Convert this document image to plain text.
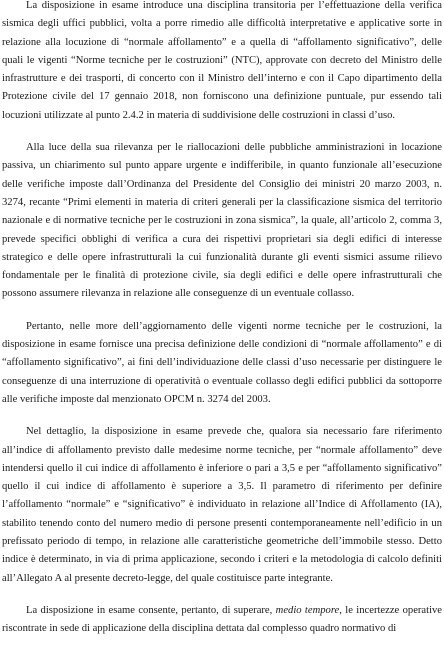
La disposizione in esame introduce una disciplina transitoria per l’effettuazione della verifica sismica degli uffici pubblici, volta a porre rimedio alle difficoltà interpretative e applicative sorte in relazione alla locuzione di “normale affollamento” e a quella di “affollamento significativo”, delle quali le vigenti “Norme tecniche per le costruzioni” (NTC), approvate con decreto del Ministro delle infrastrutture e dei trasporti, di concerto con il Ministro dell’interno e con il Capo dipartimento della Protezione civile del 17 gennaio 2018, non forniscono una definizione puntuale, pur essendo tali locuzioni utilizzate al punto 2.4.2 in materia di suddivisione delle costruzioni in classi d’uso.

Alla luce della sua rilevanza per le riallocazioni delle pubbliche amministrazioni in locazione passiva, un chiarimento sul punto appare urgente e indifferibile, in quanto funzionale all’esecuzione delle verifiche imposte dall’Ordinanza del Presidente del Consiglio dei ministri 20 marzo 2003, n. 3274, recante “Primi elementi in materia di criteri generali per la classificazione sismica del territorio nazionale e di normative tecniche per le costruzioni in zona sismica”, la quale, all’articolo 2, comma 3, prevede specifici obblighi di verifica a cura dei rispettivi proprietari sia degli edifici di interesse strategico e delle opere infrastrutturali la cui funzionalità durante gli eventi sismici assume rilievo fondamentale per le finalità di protezione civile, sia degli edifici e delle opere infrastrutturali che possono assumere rilevanza in relazione alle conseguenze di un eventuale collasso.

Pertanto, nelle more dell’aggiornamento delle vigenti norme tecniche per le costruzioni, la disposizione in esame fornisce una precisa definizione delle condizioni di “normale affollamento” e di “affollamento significativo”, ai fini dell’individuazione delle classi d’uso necessarie per distinguere le conseguenze di una interruzione di operatività o eventuale collasso degli edifici pubblici da sottoporre alle verifiche imposte dal menzionato OPCM n. 3274 del 2003.

Nel dettaglio, la disposizione in esame prevede che, qualora sia necessario fare riferimento all’indice di affollamento previsto dalle medesime norme tecniche, per “normale affollamento” deve intendersi quello il cui indice di affollamento è inferiore o pari a 3,5 e per “affollamento significativo” quello il cui indice di affollamento è superiore a 3,5. Il parametro di riferimento per definire l’affollamento “normale” e “significativo” è individuato in relazione all’Indice di Affollamento (IA), stabilito tenendo conto del numero medio di persone presenti contemporaneamente nell’edificio in un prefissato periodo di tempo, in relazione alle caratteristiche geometriche dell’immobile stesso. Detto indice è determinato, in via di prima applicazione, secondo i criteri e la metodologia di calcolo definiti all’Allegato A al presente decreto-legge, del quale costituisce parte integrante.

La disposizione in esame consente, pertanto, di superare, medio tempore, le incertezze operative riscontrate in sede di applicazione della disciplina dettata dal complesso quadro normativo di
